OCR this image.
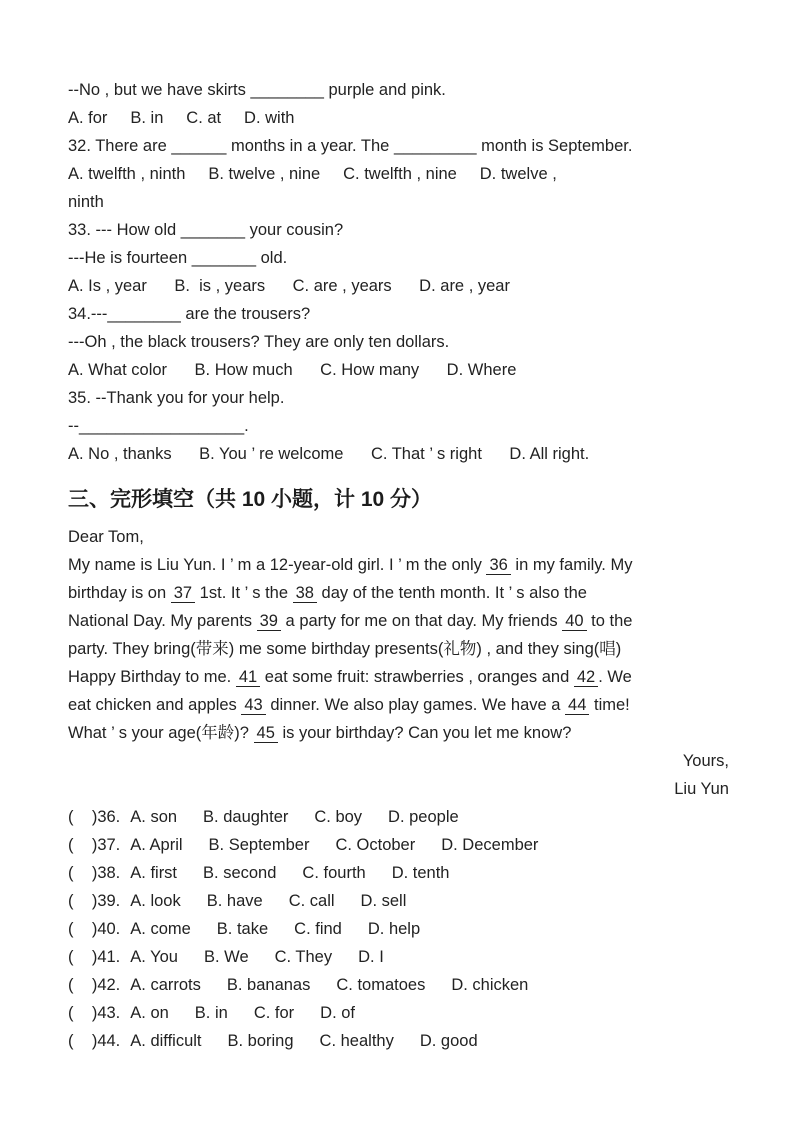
--No , but we have skirts ________ purple and pink.
A. for     B. in     C. at     D. with
32. There are ______ months in a year. The _________ month is September.
A. twelfth , ninth     B. twelve , nine     C. twelfth , nine     D. twelve ,
ninth
33. --- How old _______ your cousin?
---He is fourteen _______ old.
A. Is , year      B.  is , years      C. are , years      D. are , year
34.---________ are the trousers?
---Oh , the black trousers? They are only ten dollars.
A. What color      B. How much      C. How many      D. Where
35. --Thank you for your help.
--__________________.
A. No , thanks      B. You ’ re welcome      C. That ’ s right      D. All right.
三、完形填空（共 10 小题，计 10 分）
Dear Tom,
My name is Liu Yun. I ’ m a 12-year-old girl. I ’ m the only 36 in my family. My
birthday is on 37 1st. It ’ s the 38 day of the tenth month. It ’ s also the
National Day. My parents 39 a party for me on that day. My friends 40 to the
party. They bring(带来) me some birthday presents(礼物) , and they sing(唱)
Happy Birthday to me. 41 eat some fruit: strawberries , oranges and 42 . We
eat chicken and apples 43 dinner. We also play games. We have a 44 time!
What ’ s your age(年龄)? 45 is your birthday? Can you let me know?
Yours,
Liu Yun
(    )36. A. son B. daughter C. boy D. people
(    )37. A. April B. September C. October D. December
(    )38. A. first B. second C. fourth D. tenth
(    )39. A. look B. have C. call D. sell
(    )40. A. come B. take C. find D. help
(    )41. A. You B. We C. They D. I
(    )42. A. carrots B. bananas C. tomatoes D. chicken
(    )43. A. on B. in C. for D. of
(    )44. A. difficult B. boring C. healthy D. good
